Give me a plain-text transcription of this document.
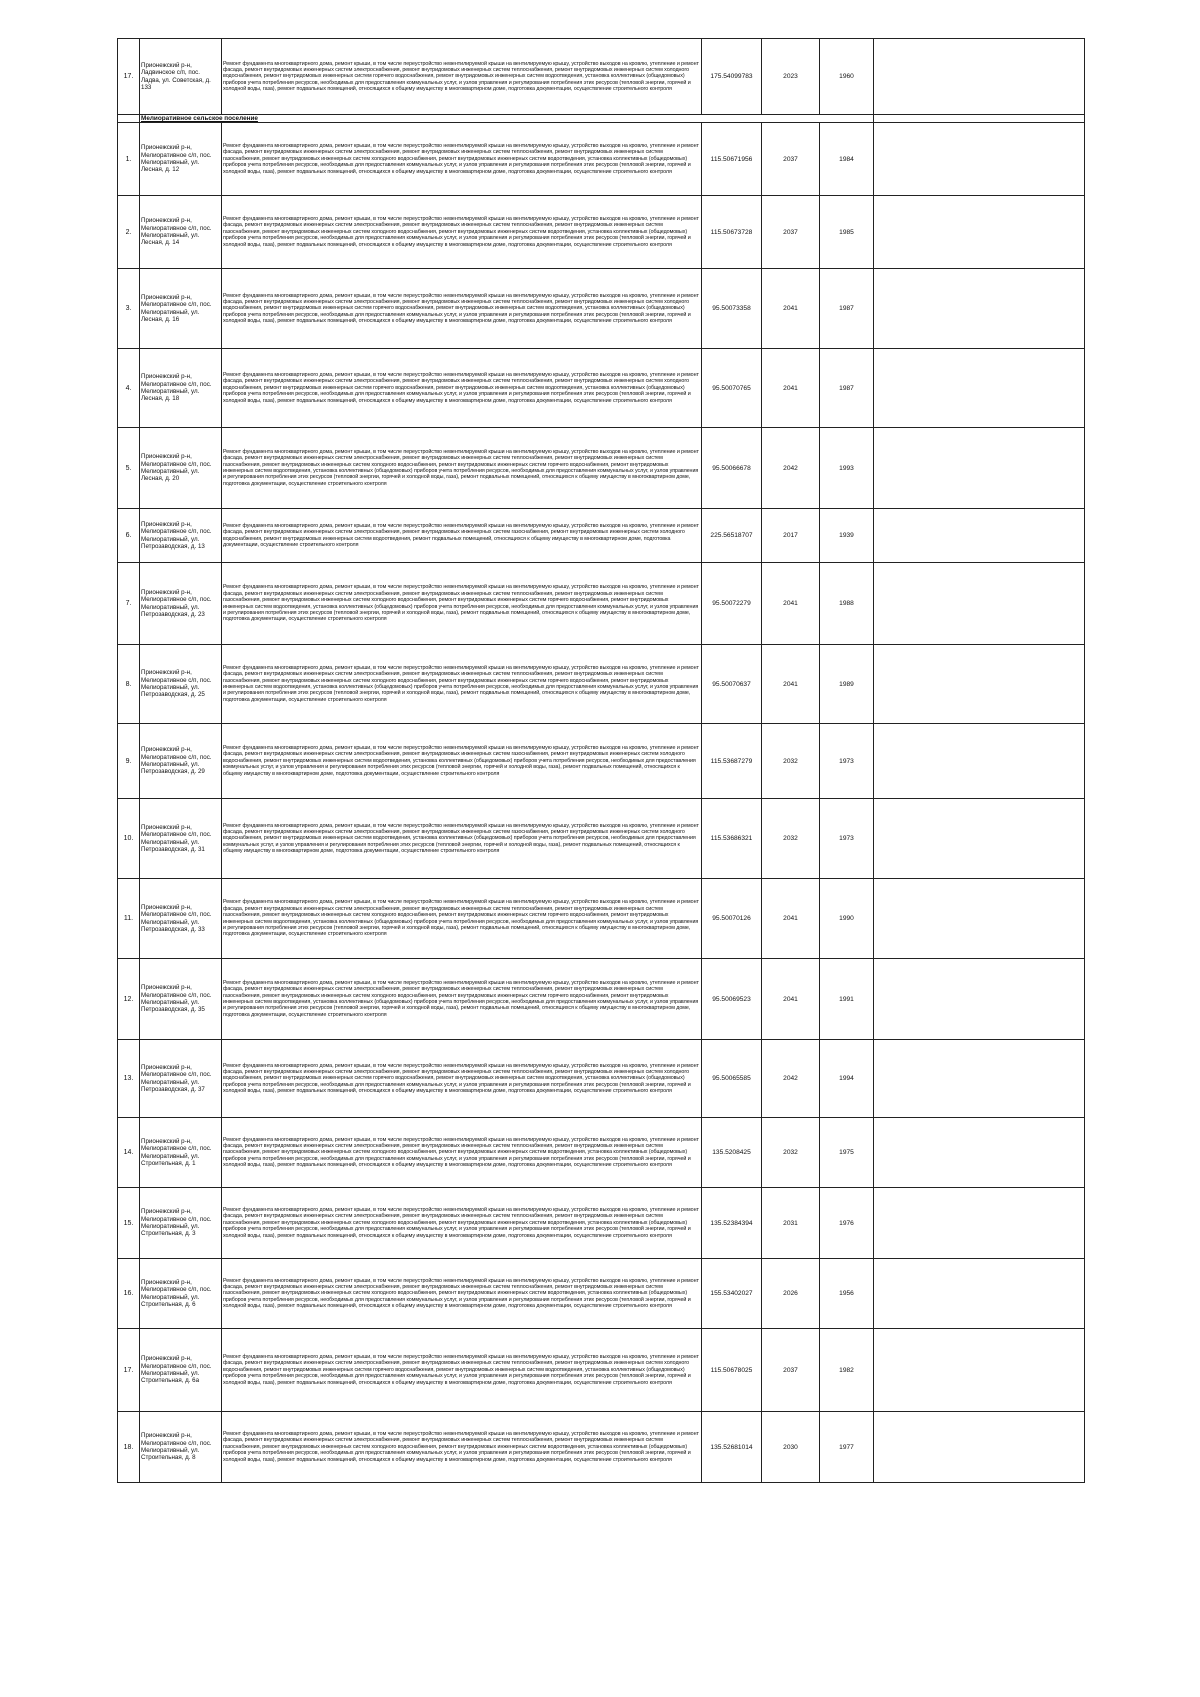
17.	Прионежский р-н, Ладвинское с/п, пос. Ладва, ул. Советская, д. 133	Ремонт фундамента многоквартирного дома, ремонт крыши, в том числе переустройство невентилируемой крыши на вентилируемую крышу, устройство выходов на кровлю, утепление и ремонт фасада, ремонт внутридомовых инженерных систем электроснабжения, ремонт внутридомовых инженерных систем теплоснабжения, ремонт внутридомовых инженерных систем холодного водоснабжения, ремонт внутридомовых инженерных систем горячего водоснабжения, ремонт внутридомовых инженерных систем водоотведения, установка коллективных (общедомовых) приборов учета потребления ресурсов, необходимых для предоставления коммунальных услуг, и узлов управления и регулирования потребления этих ресурсов (тепловой энергии, горячей и холодной воды, газа), ремонт подвальных помещений, относящихся к общему имуществу в многоквартирном доме, подготовка документации, осуществление строительного контроля	175.54099783	2023	1960	
	Мелиоративное сельское поселение					
1.	Прионежский р-н, Мелиоративное с/п, пос. Мелиоративный, ул. Лесная, д. 12	Ремонт фундамента многоквартирного дома, ремонт крыши, в том числе переустройство невентилируемой крыши на вентилируемую крышу, устройство выходов на кровлю, утепление и ремонт фасада, ремонт внутридомовых инженерных систем электроснабжения, ремонт внутридомовых инженерных систем теплоснабжения, ремонт внутридомовых инженерных систем газоснабжения, ремонт внутридомовых инженерных систем холодного водоснабжения, ремонт внутридомовых инженерных систем водоотведения, установка коллективных (общедомовых) приборов учета потребления ресурсов, необходимых для предоставления коммунальных услуг, и узлов управления и регулирования потребления этих ресурсов (тепловой энергии, горячей и холодной воды, газа), ремонт подвальных помещений, относящихся к общему имуществу в многоквартирном доме, подготовка документации, осуществление строительного контроля	115.50671956	2037	1984	
2.	Прионежский р-н, Мелиоративное с/п, пос. Мелиоративный, ул. Лесная, д. 14	Ремонт фундамента многоквартирного дома, ремонт крыши, в том числе переустройство невентилируемой крыши на вентилируемую крышу, устройство выходов на кровлю, утепление и ремонт фасада, ремонт внутридомовых инженерных систем электроснабжения, ремонт внутридомовых инженерных систем теплоснабжения, ремонт внутридомовых инженерных систем газоснабжения, ремонт внутридомовых инженерных систем холодного водоснабжения, ремонт внутридомовых инженерных систем водоотведения, установка коллективных (общедомовых) приборов учета потребления ресурсов, необходимых для предоставления коммунальных услуг, и узлов управления и регулирования потребления этих ресурсов (тепловой энергии, горячей и холодной воды, газа), ремонт подвальных помещений, относящихся к общему имуществу в многоквартирном доме, подготовка документации, осуществление строительного контроля	115.50673728	2037	1985	
3.	Прионежский р-н, Мелиоративное с/п, пос. Мелиоративный, ул. Лесная, д. 16	Ремонт фундамента многоквартирного дома, ремонт крыши, в том числе переустройство невентилируемой крыши на вентилируемую крышу, устройство выходов на кровлю, утепление и ремонт фасада, ремонт внутридомовых инженерных систем электроснабжения, ремонт внутридомовых инженерных систем теплоснабжения, ремонт внутридомовых инженерных систем холодного водоснабжения, ремонт внутридомовых инженерных систем горячего водоснабжения, ремонт внутридомовых инженерных систем водоотведения, установка коллективных (общедомовых) приборов учета потребления ресурсов, необходимых для предоставления коммунальных услуг, и узлов управления и регулирования потребления этих ресурсов (тепловой энергии, горячей и холодной воды, газа), ремонт подвальных помещений, относящихся к общему имуществу в многоквартирном доме, подготовка документации, осуществление строительного контроля	95.50073358	2041	1987	
4.	Прионежский р-н, Мелиоративное с/п, пос. Мелиоративный, ул. Лесная, д. 18	Ремонт фундамента многоквартирного дома, ремонт крыши, в том числе переустройство невентилируемой крыши на вентилируемую крышу, устройство выходов на кровлю, утепление и ремонт фасада, ремонт внутридомовых инженерных систем электроснабжения, ремонт внутридомовых инженерных систем теплоснабжения, ремонт внутридомовых инженерных систем холодного водоснабжения, ремонт внутридомовых инженерных систем горячего водоснабжения, ремонт внутридомовых инженерных систем водоотведения, установка коллективных (общедомовых) приборов учета потребления ресурсов, необходимых для предоставления коммунальных услуг, и узлов управления и регулирования потребления этих ресурсов (тепловой энергии, горячей и холодной воды, газа), ремонт подвальных помещений, относящихся к общему имуществу в многоквартирном доме, подготовка документации, осуществление строительного контроля	95.50070765	2041	1987	
5.	Прионежский р-н, Мелиоративное с/п, пос. Мелиоративный, ул. Лесная, д. 20	Ремонт фундамента многоквартирного дома, ремонт крыши, в том числе переустройство невентилируемой крыши на вентилируемую крышу, устройство выходов на кровлю, утепление и ремонт фасада, ремонт внутридомовых инженерных систем электроснабжения, ремонт внутридомовых инженерных систем теплоснабжения, ремонт внутридомовых инженерных систем газоснабжения, ремонт внутридомовых инженерных систем холодного водоснабжения, ремонт внутридомовых инженерных систем горячего водоснабжения, ремонт внутридомовых инженерных систем водоотведения, установка коллективных (общедомовых) приборов учета потребления ресурсов, необходимых для предоставления коммунальных услуг, и узлов управления и регулирования потребления этих ресурсов (тепловой энергии, горячей и холодной воды, газа), ремонт подвальных помещений, относящихся к общему имуществу в многоквартирном доме, подготовка документации, осуществление строительного контроля	95.50066678	2042	1993	
6.	Прионежский р-н, Мелиоративное с/п, пос. Мелиоративный, ул. Петрозаводская, д. 13	Ремонт фундамента многоквартирного дома, ремонт крыши, в том числе переустройство невентилируемой крыши на вентилируемую крышу, устройство выходов на кровлю, утепление и ремонт фасада, ремонт внутридомовых инженерных систем электроснабжения, ремонт внутридомовых инженерных систем газоснабжения, ремонт внутридомовых инженерных систем холодного водоснабжения, ремонт внутридомовых инженерных систем водоотведения, ремонт подвальных помещений, относящихся к общему имуществу в многоквартирном доме, подготовка документации, осуществление строительного контроля	225.56518707	2017	1939	
7.	Прионежский р-н, Мелиоративное с/п, пос. Мелиоративный, ул. Петрозаводская, д. 23	Ремонт фундамента многоквартирного дома, ремонт крыши, в том числе переустройство невентилируемой крыши на вентилируемую крышу, устройство выходов на кровлю, утепление и ремонт фасада, ремонт внутридомовых инженерных систем электроснабжения, ремонт внутридомовых инженерных систем теплоснабжения, ремонт внутридомовых инженерных систем газоснабжения, ремонт внутридомовых инженерных систем холодного водоснабжения, ремонт внутридомовых инженерных систем горячего водоснабжения, ремонт внутридомовых инженерных систем водоотведения, установка коллективных (общедомовых) приборов учета потребления ресурсов, необходимых для предоставления коммунальных услуг, и узлов управления и регулирования потребления этих ресурсов (тепловой энергии, горячей и холодной воды, газа), ремонт подвальных помещений, относящихся к общему имуществу в многоквартирном доме, подготовка документации, осуществление строительного контроля	95.50072279	2041	1988	
8.	Прионежский р-н, Мелиоративное с/п, пос. Мелиоративный, ул. Петрозаводская, д. 25	Ремонт фундамента многоквартирного дома, ремонт крыши, в том числе переустройство невентилируемой крыши на вентилируемую крышу, устройство выходов на кровлю, утепление и ремонт фасада, ремонт внутридомовых инженерных систем электроснабжения, ремонт внутридомовых инженерных систем теплоснабжения, ремонт внутридомовых инженерных систем газоснабжения, ремонт внутридомовых инженерных систем холодного водоснабжения, ремонт внутридомовых инженерных систем горячего водоснабжения, ремонт внутридомовых инженерных систем водоотведения, установка коллективных (общедомовых) приборов учета потребления ресурсов, необходимых для предоставления коммунальных услуг, и узлов управления и регулирования потребления этих ресурсов (тепловой энергии, горячей и холодной воды, газа), ремонт подвальных помещений, относящихся к общему имуществу в многоквартирном доме, подготовка документации, осуществление строительного контроля	95.50070637	2041	1989	
9.	Прионежский р-н, Мелиоративное с/п, пос. Мелиоративный, ул. Петрозаводская, д. 29	Ремонт фундамента многоквартирного дома, ремонт крыши, в том числе переустройство невентилируемой крыши на вентилируемую крышу, устройство выходов на кровлю, утепление и ремонт фасада, ремонт внутридомовых инженерных систем электроснабжения, ремонт внутридомовых инженерных систем газоснабжения, ремонт внутридомовых инженерных систем холодного водоснабжения, ремонт внутридомовых инженерных систем водоотведения, установка коллективных (общедомовых) приборов учета потребления ресурсов, необходимых для предоставления коммунальных услуг, и узлов управления и регулирования потребления этих ресурсов (тепловой энергии, горячей и холодной воды, газа), ремонт подвальных помещений, относящихся к общему имуществу в многоквартирном доме, подготовка документации, осуществление строительного контроля	115.53687279	2032	1973	
10.	Прионежский р-н, Мелиоративное с/п, пос. Мелиоративный, ул. Петрозаводская, д. 31	Ремонт фундамента многоквартирного дома, ремонт крыши, в том числе переустройство невентилируемой крыши на вентилируемую крышу, устройство выходов на кровлю, утепление и ремонт фасада, ремонт внутридомовых инженерных систем электроснабжения, ремонт внутридомовых инженерных систем газоснабжения, ремонт внутридомовых инженерных систем холодного водоснабжения, ремонт внутридомовых инженерных систем водоотведения, установка коллективных (общедомовых) приборов учета потребления ресурсов, необходимых для предоставления коммунальных услуг, и узлов управления и регулирования потребления этих ресурсов (тепловой энергии, горячей и холодной воды, газа), ремонт подвальных помещений, относящихся к общему имуществу в многоквартирном доме, подготовка документации, осуществление строительного контроля	115.53686321	2032	1973	
11.	Прионежский р-н, Мелиоративное с/п, пос. Мелиоративный, ул. Петрозаводская, д. 33	Ремонт фундамента многоквартирного дома, ремонт крыши, в том числе переустройство невентилируемой крыши на вентилируемую крышу, устройство выходов на кровлю, утепление и ремонт фасада, ремонт внутридомовых инженерных систем электроснабжения, ремонт внутридомовых инженерных систем теплоснабжения, ремонт внутридомовых инженерных систем газоснабжения, ремонт внутридомовых инженерных систем холодного водоснабжения, ремонт внутридомовых инженерных систем горячего водоснабжения, ремонт внутридомовых инженерных систем водоотведения, установка коллективных (общедомовых) приборов учета потребления ресурсов, необходимых для предоставления коммунальных услуг, и узлов управления и регулирования потребления этих ресурсов (тепловой энергии, горячей и холодной воды, газа), ремонт подвальных помещений, относящихся к общему имуществу в многоквартирном доме, подготовка документации, осуществление строительного контроля	95.50070126	2041	1990	
12.	Прионежский р-н, Мелиоративное с/п, пос. Мелиоративный, ул. Петрозаводская, д. 35	Ремонт фундамента многоквартирного дома, ремонт крыши, в том числе переустройство невентилируемой крыши на вентилируемую крышу, устройство выходов на кровлю, утепление и ремонт фасада, ремонт внутридомовых инженерных систем электроснабжения, ремонт внутридомовых инженерных систем теплоснабжения, ремонт внутридомовых инженерных систем газоснабжения, ремонт внутридомовых инженерных систем холодного водоснабжения, ремонт внутридомовых инженерных систем горячего водоснабжения, ремонт внутридомовых инженерных систем водоотведения, установка коллективных (общедомовых) приборов учета потребления ресурсов, необходимых для предоставления коммунальных услуг, и узлов управления и регулирования потребления этих ресурсов (тепловой энергии, горячей и холодной воды, газа), ремонт подвальных помещений, относящихся к общему имуществу в многоквартирном доме, подготовка документации, осуществление строительного контроля	95.50069523	2041	1991	
13.	Прионежский р-н, Мелиоративное с/п, пос. Мелиоративный, ул. Петрозаводская, д. 37	Ремонт фундамента многоквартирного дома, ремонт крыши, в том числе переустройство невентилируемой крыши на вентилируемую крышу, устройство выходов на кровлю, утепление и ремонт фасада, ремонт внутридомовых инженерных систем электроснабжения, ремонт внутридомовых инженерных систем теплоснабжения, ремонт внутридомовых инженерных систем холодного водоснабжения, ремонт внутридомовых инженерных систем горячего водоснабжения, ремонт внутридомовых инженерных систем водоотведения, установка коллективных (общедомовых) приборов учета потребления ресурсов, необходимых для предоставления коммунальных услуг, и узлов управления и регулирования потребления этих ресурсов (тепловой энергии, горячей и холодной воды, газа), ремонт подвальных помещений, относящихся к общему имуществу в многоквартирном доме, подготовка документации, осуществление строительного контроля	95.50065585	2042	1994	
14.	Прионежский р-н, Мелиоративное с/п, пос. Мелиоративный, ул. Строительная, д. 1	Ремонт фундамента многоквартирного дома, ремонт крыши, в том числе переустройство невентилируемой крыши на вентилируемую крышу, устройство выходов на кровлю, утепление и ремонт фасада, ремонт внутридомовых инженерных систем электроснабжения, ремонт внутридомовых инженерных систем теплоснабжения, ремонт внутридомовых инженерных систем газоснабжения, ремонт внутридомовых инженерных систем холодного водоснабжения, ремонт внутридомовых инженерных систем водоотведения, установка коллективных (общедомовых) приборов учета потребления ресурсов, необходимых для предоставления коммунальных услуг, и узлов управления и регулирования потребления этих ресурсов (тепловой энергии, горячей и холодной воды, газа), ремонт подвальных помещений, относящихся к общему имуществу в многоквартирном доме, подготовка документации, осуществление строительного контроля	135.5208425	2032	1975	
15.	Прионежский р-н, Мелиоративное с/п, пос. Мелиоративный, ул. Строительная, д. 3	Ремонт фундамента многоквартирного дома, ремонт крыши, в том числе переустройство невентилируемой крыши на вентилируемую крышу, устройство выходов на кровлю, утепление и ремонт фасада, ремонт внутридомовых инженерных систем электроснабжения, ремонт внутридомовых инженерных систем теплоснабжения, ремонт внутридомовых инженерных систем газоснабжения, ремонт внутридомовых инженерных систем холодного водоснабжения, ремонт внутридомовых инженерных систем водоотведения, установка коллективных (общедомовых) приборов учета потребления ресурсов, необходимых для предоставления коммунальных услуг, и узлов управления и регулирования потребления этих ресурсов (тепловой энергии, горячей и холодной воды, газа), ремонт подвальных помещений, относящихся к общему имуществу в многоквартирном доме, подготовка документации, осуществление строительного контроля	135.52384394	2031	1976	
16.	Прионежский р-н, Мелиоративное с/п, пос. Мелиоративный, ул. Строительная, д. 6	Ремонт фундамента многоквартирного дома, ремонт крыши, в том числе переустройство невентилируемой крыши на вентилируемую крышу, устройство выходов на кровлю, утепление и ремонт фасада, ремонт внутридомовых инженерных систем электроснабжения, ремонт внутридомовых инженерных систем теплоснабжения, ремонт внутридомовых инженерных систем газоснабжения, ремонт внутридомовых инженерных систем холодного водоснабжения, ремонт внутридомовых инженерных систем водоотведения, установка коллективных (общедомовых) приборов учета потребления ресурсов, необходимых для предоставления коммунальных услуг, и узлов управления и регулирования потребления этих ресурсов (тепловой энергии, горячей и холодной воды, газа), ремонт подвальных помещений, относящихся к общему имуществу в многоквартирном доме, подготовка документации, осуществление строительного контроля	155.53402027	2026	1956	
17.	Прионежский р-н, Мелиоративное с/п, пос. Мелиоративный, ул. Строительная, д. 6а	Ремонт фундамента многоквартирного дома, ремонт крыши, в том числе переустройство невентилируемой крыши на вентилируемую крышу, устройство выходов на кровлю, утепление и ремонт фасада, ремонт внутридомовых инженерных систем электроснабжения, ремонт внутридомовых инженерных систем теплоснабжения, ремонт внутридомовых инженерных систем холодного водоснабжения, ремонт внутридомовых инженерных систем горячего водоснабжения, ремонт внутридомовых инженерных систем водоотведения, установка коллективных (общедомовых) приборов учета потребления ресурсов, необходимых для предоставления коммунальных услуг, и узлов управления и регулирования потребления этих ресурсов (тепловой энергии, горячей и холодной воды, газа), ремонт подвальных помещений, относящихся к общему имуществу в многоквартирном доме, подготовка документации, осуществление строительного контроля	115.50678025	2037	1982	
18.	Прионежский р-н, Мелиоративное с/п, пос. Мелиоративный, ул. Строительная, д. 8	Ремонт фундамента многоквартирного дома, ремонт крыши, в том числе переустройство невентилируемой крыши на вентилируемую крышу, устройство выходов на кровлю, утепление и ремонт фасада, ремонт внутридомовых инженерных систем электроснабжения, ремонт внутридомовых инженерных систем теплоснабжения, ремонт внутридомовых инженерных систем газоснабжения, ремонт внутридомовых инженерных систем холодного водоснабжения, ремонт внутридомовых инженерных систем водоотведения, установка коллективных (общедомовых) приборов учета потребления ресурсов, необходимых для предоставления коммунальных услуг, и узлов управления и регулирования потребления этих ресурсов (тепловой энергии, горячей и холодной воды, газа), ремонт подвальных помещений, относящихся к общему имуществу в многоквартирном доме, подготовка документации, осуществление строительного контроля	135.52681014	2030	1977	
